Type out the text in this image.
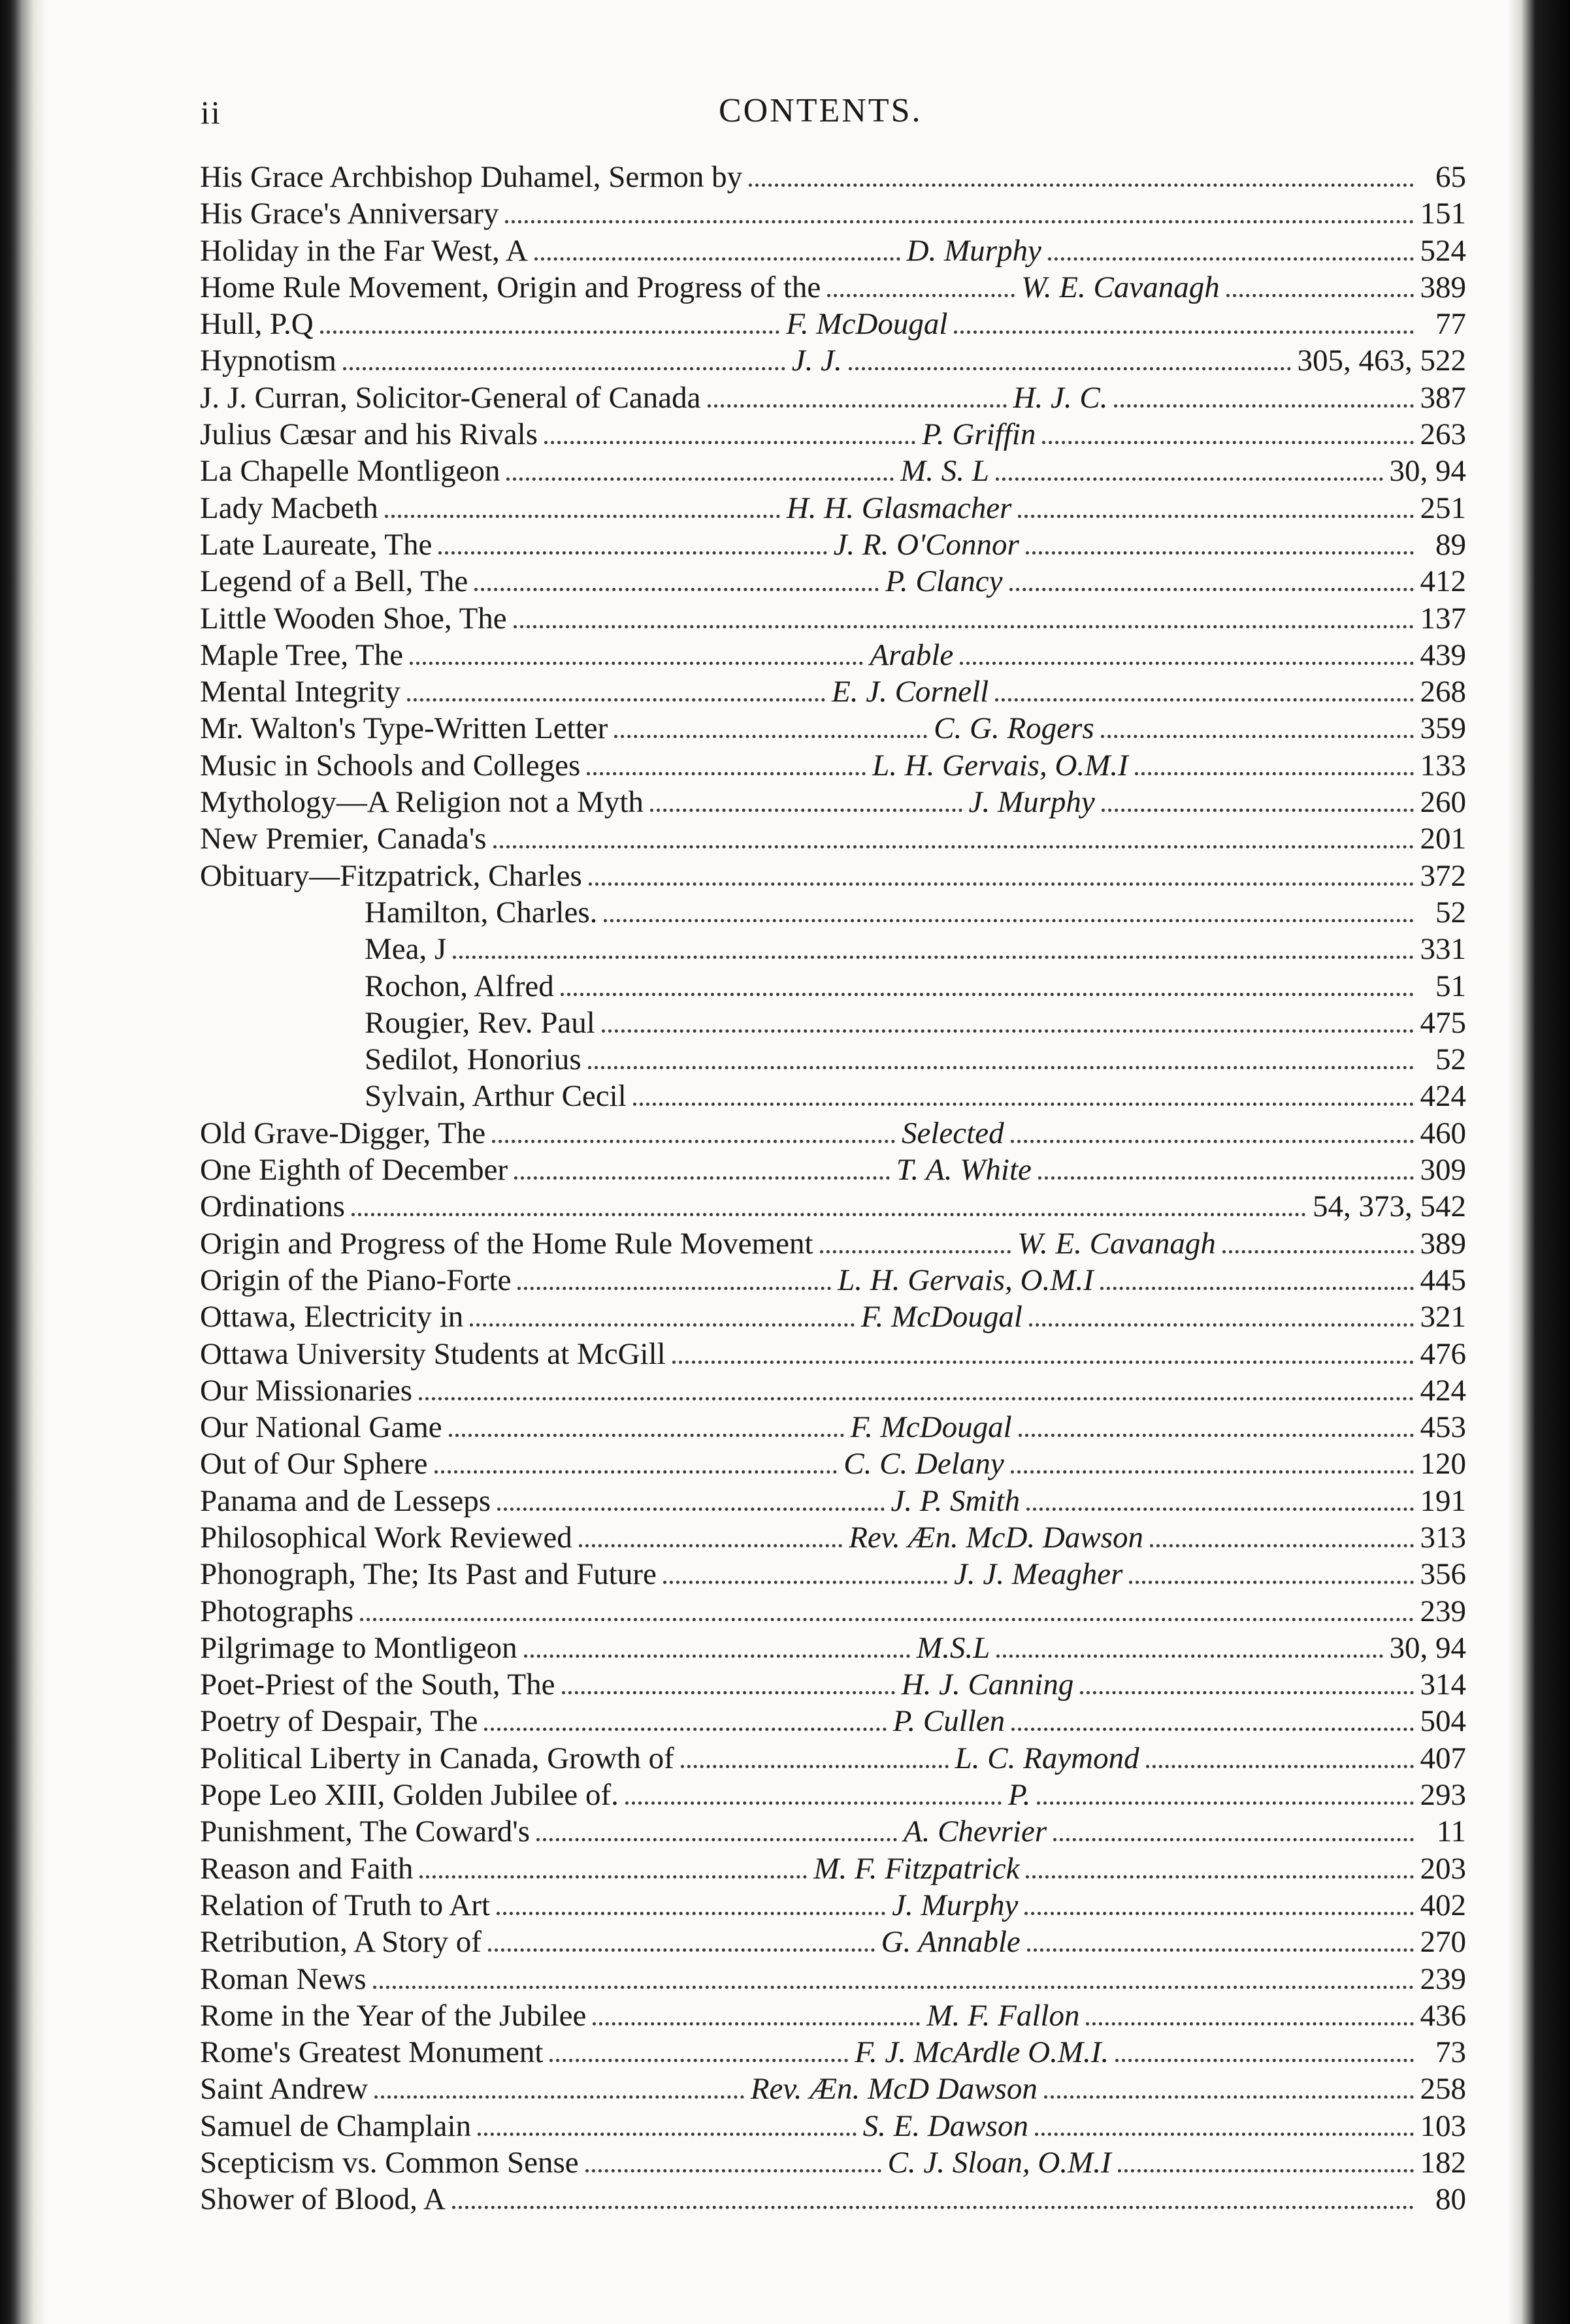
ii	CONTENTS.
His Grace Archbishop Duhamel, Sermon by	65
His Grace's Anniversary	151
Holiday in the Far West, A	D. Murphy	524
Home Rule Movement, Origin and Progress of the	W. E. Cavanagh	389
Hull, P.Q	F. McDougal	77
Hypnotism	J. J.	305, 463, 522
J. J. Curran, Solicitor-General of Canada	H. J. C.	387
Julius Cæsar and his Rivals	P. Griffin	263
La Chapelle Montligeon	M. S. L	30, 94
Lady Macbeth	H. H. Glasmacher	251
Late Laureate, The	J. R. O'Connor	89
Legend of a Bell, The	P. Clancy	412
Little Wooden Shoe, The	137
Maple Tree, The	Arable	439
Mental Integrity	E. J. Cornell	268
Mr. Walton's Type-Written Letter	C. G. Rogers	359
Music in Schools and Colleges	L. H. Gervais, O.M.I	133
Mythology—A Religion not a Myth	J. Murphy	260
New Premier, Canada's	201
Obituary—Fitzpatrick, Charles	372
Hamilton, Charles.	52
Mea, J	331
Rochon, Alfred	51
Rougier, Rev. Paul	475
Sedilot, Honorius	52
Sylvain, Arthur Cecil	424
Old Grave-Digger, The	Selected	460
One Eighth of December	T. A. White	309
Ordinations	54, 373, 542
Origin and Progress of the Home Rule Movement	W. E. Cavanagh	389
Origin of the Piano-Forte	L. H. Gervais, O.M.I	445
Ottawa, Electricity in	F. McDougal	321
Ottawa University Students at McGill	476
Our Missionaries	424
Our National Game	F. McDougal	453
Out of Our Sphere	C. C. Delany	120
Panama and de Lesseps	J. P. Smith	191
Philosophical Work Reviewed	Rev. Æn. McD. Dawson	313
Phonograph, The; Its Past and Future	J. J. Meagher	356
Photographs	239
Pilgrimage to Montligeon	M.S.L	30, 94
Poet-Priest of the South, The	H. J. Canning	314
Poetry of Despair, The	P. Cullen	504
Political Liberty in Canada, Growth of	L. C. Raymond	407
Pope Leo XIII, Golden Jubilee of.	P.	293
Punishment, The Coward's	A. Chevrier	11
Reason and Faith	M. F. Fitzpatrick	203
Relation of Truth to Art	J. Murphy	402
Retribution, A Story of	G. Annable	270
Roman News	239
Rome in the Year of the Jubilee	M. F. Fallon	436
Rome's Greatest Monument	F. J. McArdle O.M.I.	73
Saint Andrew	Rev. Æn. McD Dawson	258
Samuel de Champlain	S. E. Dawson	103
Scepticism vs. Common Sense	C. J. Sloan, O.M.I	182
Shower of Blood, A	80
